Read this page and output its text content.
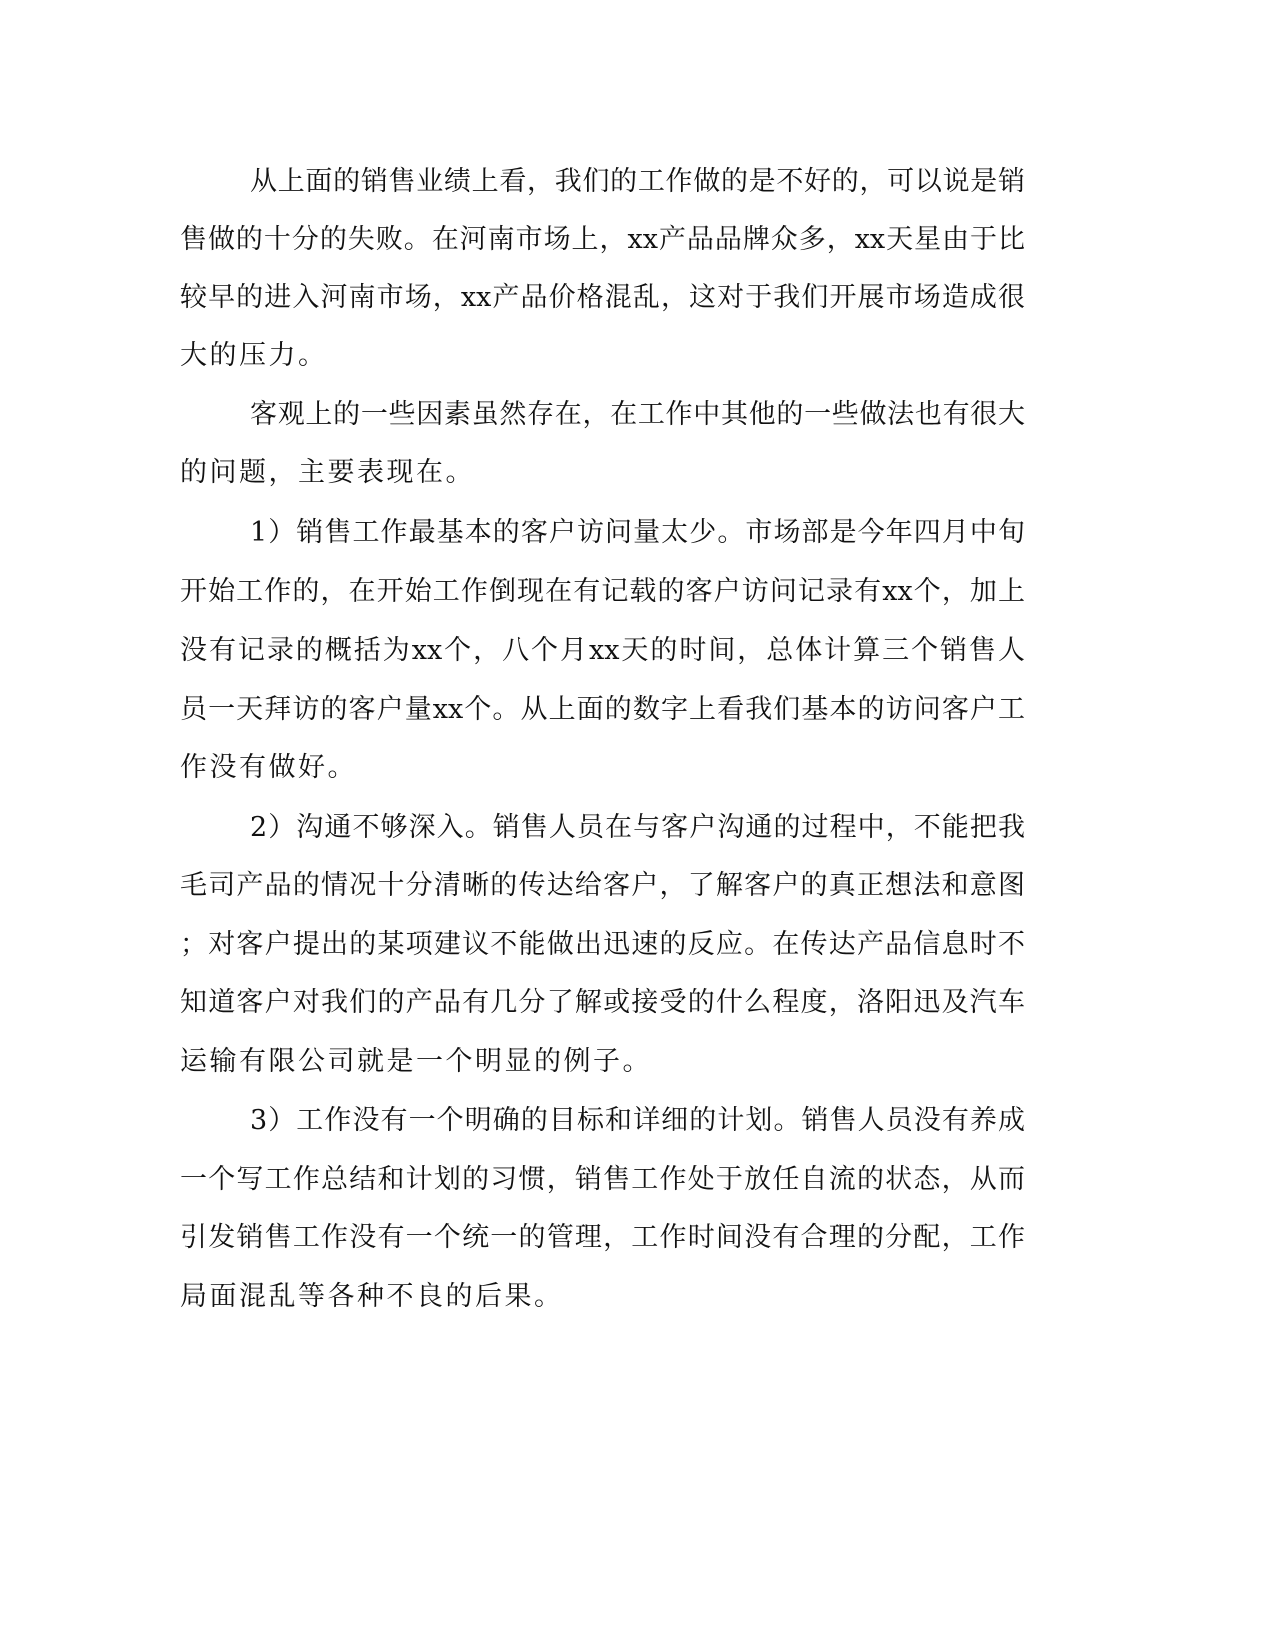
从上面的销售业绩上看，我们的工作做的是不好的，可以说是销
售做的十分的失败。在河南市场上，xx产品品牌众多，xx天星由于比
较早的进入河南市场，xx产品价格混乱，这对于我们开展市场造成很
大的压力。
客观上的一些因素虽然存在，在工作中其他的一些做法也有很大
的问题，主要表现在。
1）销售工作最基本的客户访问量太少。市场部是今年四月中旬
开始工作的，在开始工作倒现在有记载的客户访问记录有xx个，加上
没有记录的概括为xx个，八个月xx天的时间，总体计算三个销售人
员一天拜访的客户量xx个。从上面的数字上看我们基本的访问客户工
作没有做好。
2）沟通不够深入。销售人员在与客户沟通的过程中，不能把我
毛司产品的情况十分清晰的传达给客户，了解客户的真正想法和意图
；对客户提出的某项建议不能做出迅速的反应。在传达产品信息时不
知道客户对我们的产品有几分了解或接受的什么程度，洛阳迅及汽车
运输有限公司就是一个明显的例子。
3）工作没有一个明确的目标和详细的计划。销售人员没有养成
一个写工作总结和计划的习惯，销售工作处于放任自流的状态，从而
引发销售工作没有一个统一的管理，工作时间没有合理的分配，工作
局面混乱等各种不良的后果。
